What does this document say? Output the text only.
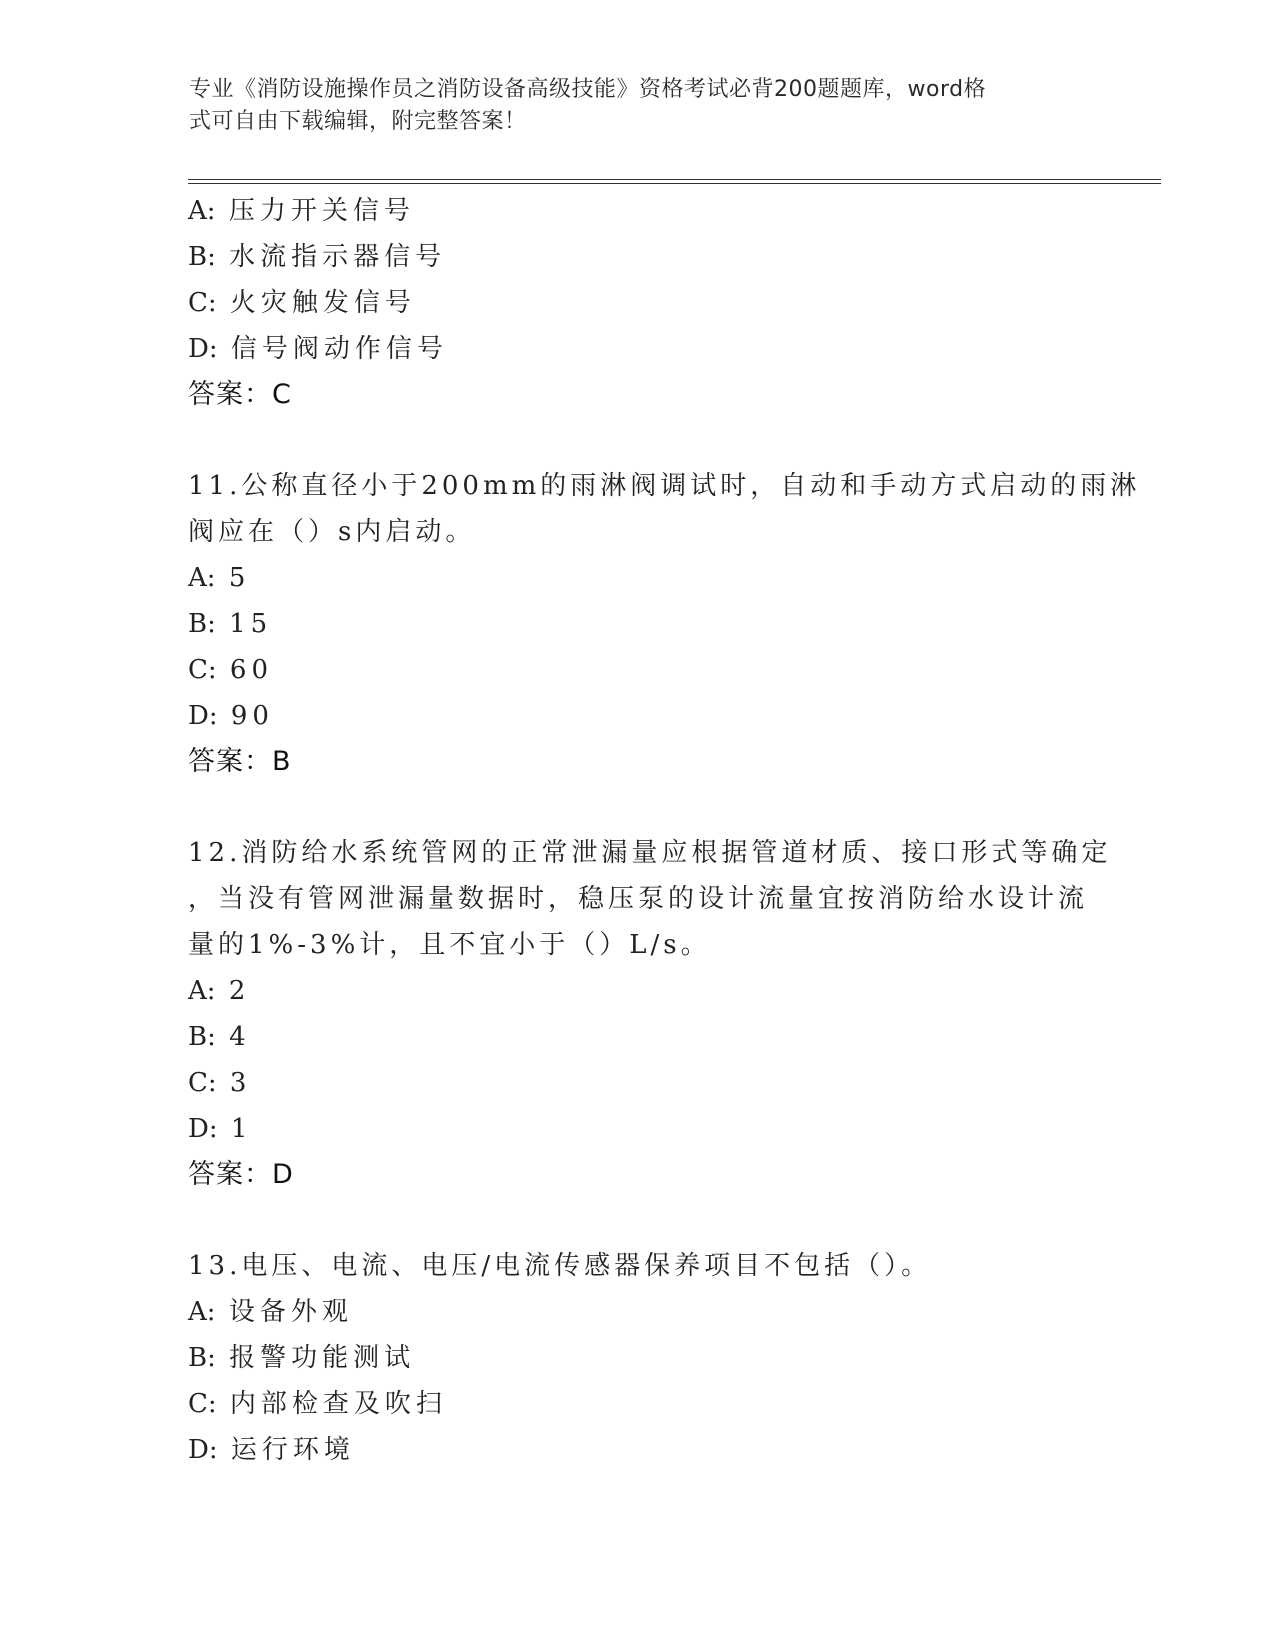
专业《消防设施操作员之消防设备高级技能》资格考试必背200题题库，word格
式可自由下载编辑，附完整答案！
A: 压力开关信号
B: 水流指示器信号
C: 火灾触发信号
D: 信号阀动作信号
答案：C
11.公称直径小于200mm的雨淋阀调试时，自动和手动方式启动的雨淋
阀应在（）s内启动。
A: 5
B: 15
C: 60
D: 90
答案：B
12.消防给水系统管网的正常泄漏量应根据管道材质、接口形式等确定
，当没有管网泄漏量数据时，稳压泵的设计流量宜按消防给水设计流
量的1%-3%计，且不宜小于（）L/s。
A: 2
B: 4
C: 3
D: 1
答案：D
13.电压、电流、电压/电流传感器保养项目不包括（）。
A: 设备外观
B: 报警功能测试
C: 内部检查及吹扫
D: 运行环境
